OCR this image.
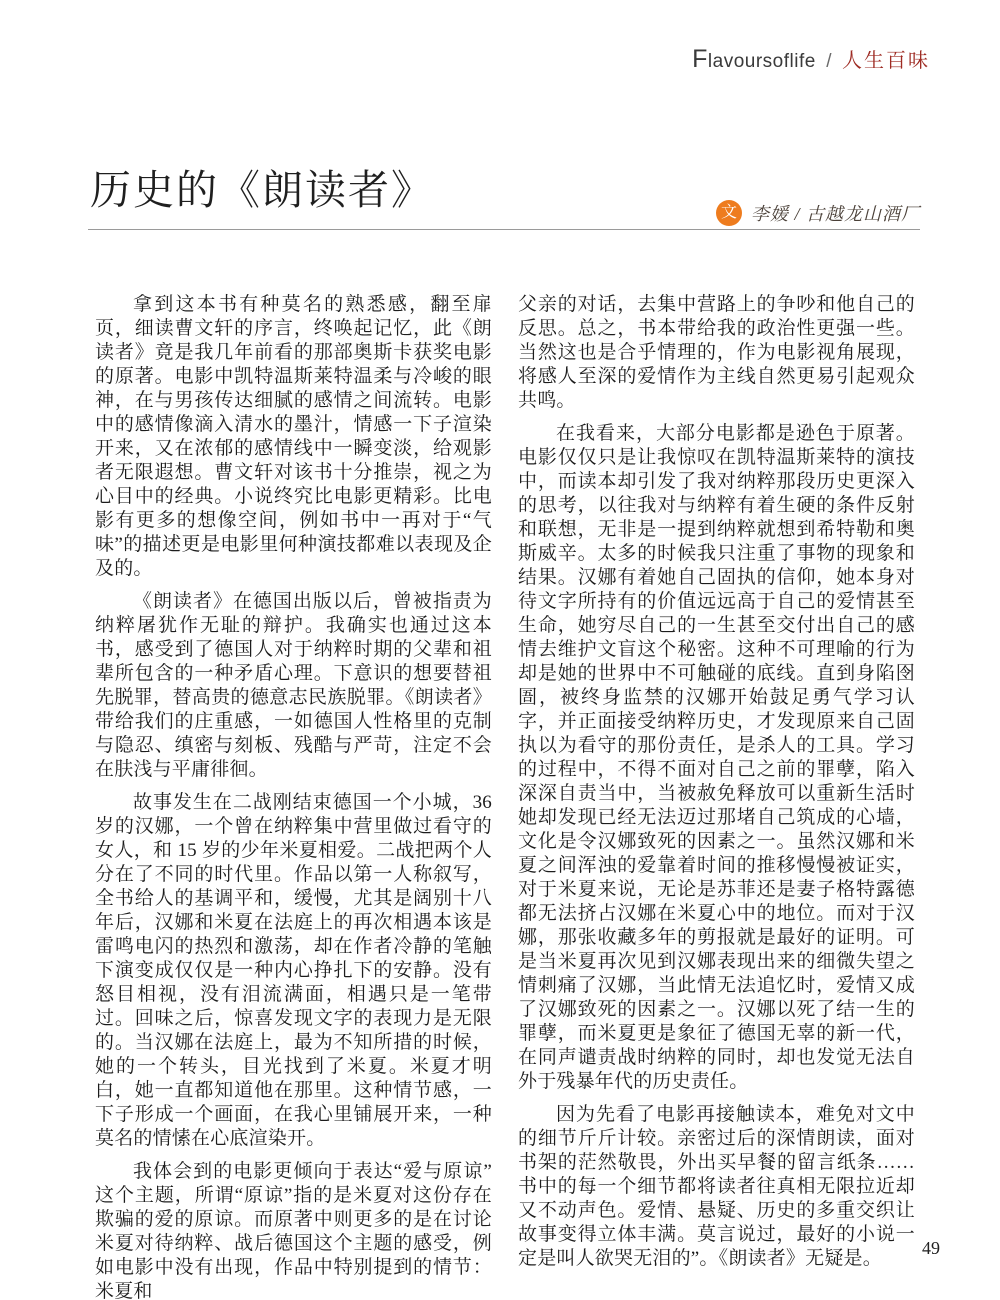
Flavoursoflife / 人生百味
历史的《朗读者》	文 李媛 / 古越龙山酒厂

拿到这本书有种莫名的熟悉感，翻至扉页，细读曹文轩的序言，终唤起记忆，此《朗读者》竟是我几年前看的那部奥斯卡获奖电影的原著。电影中凯特温斯莱特温柔与冷峻的眼神，在与男孩传达细腻的感情之间流转。电影中的感情像滴入清水的墨汁，情感一下子渲染开来，又在浓郁的感情线中一瞬变淡，给观影者无限遐想。曹文轩对该书十分推崇，视之为心目中的经典。小说终究比电影更精彩。比电影有更多的想像空间，例如书中一再对于“气味”的描述更是电影里何种演技都难以表现及企及的。

《朗读者》在德国出版以后，曾被指责为纳粹屠犹作无耻的辩护。我确实也通过这本书，感受到了德国人对于纳粹时期的父辈和祖辈所包含的一种矛盾心理。下意识的想要替祖先脱罪，替高贵的德意志民族脱罪。《朗读者》带给我们的庄重感，一如德国人性格里的克制与隐忍、缜密与刻板、残酷与严苛，注定不会在肤浅与平庸徘徊。

故事发生在二战刚结束德国一个小城，36 岁的汉娜，一个曾在纳粹集中营里做过看守的女人，和 15 岁的少年米夏相爱。二战把两个人分在了不同的时代里。作品以第一人称叙写，全书给人的基调平和，缓慢，尤其是阔别十八年后，汉娜和米夏在法庭上的再次相遇本该是雷鸣电闪的热烈和激荡，却在作者冷静的笔触下演变成仅仅是一种内心挣扎下的安静。没有怒目相视，没有泪流满面，相遇只是一笔带过。回味之后，惊喜发现文字的表现力是无限的。当汉娜在法庭上，最为不知所措的时候，她的一个转头，目光找到了米夏。米夏才明白，她一直都知道他在那里。这种情节感，一下子形成一个画面，在我心里铺展开来，一种莫名的情愫在心底渲染开。

我体会到的电影更倾向于表达“爱与原谅”这个主题，所谓“原谅”指的是米夏对这份存在欺骗的爱的原谅。而原著中则更多的是在讨论米夏对待纳粹、战后德国这个主题的感受，例如电影中没有出现，作品中特别提到的情节：米夏和

父亲的对话，去集中营路上的争吵和他自己的反思。总之，书本带给我的政治性更强一些。当然这也是合乎情理的，作为电影视角展现，将感人至深的爱情作为主线自然更易引起观众共鸣。

在我看来，大部分电影都是逊色于原著。电影仅仅只是让我惊叹在凯特温斯莱特的演技中，而读本却引发了我对纳粹那段历史更深入的思考，以往我对与纳粹有着生硬的条件反射和联想，无非是一提到纳粹就想到希特勒和奥斯威辛。太多的时候我只注重了事物的现象和结果。汉娜有着她自己固执的信仰，她本身对待文字所持有的价值远远高于自己的爱情甚至生命，她穷尽自己的一生甚至交付出自己的感情去维护文盲这个秘密。这种不可理喻的行为却是她的世界中不可触碰的底线。直到身陷囹圄，被终身监禁的汉娜开始鼓足勇气学习认字，并正面接受纳粹历史，才发现原来自己固执以为看守的那份责任，是杀人的工具。学习的过程中，不得不面对自己之前的罪孽，陷入深深自责当中，当被赦免释放可以重新生活时她却发现已经无法迈过那堵自己筑成的心墙，文化是令汉娜致死的因素之一。虽然汉娜和米夏之间浑浊的爱靠着时间的推移慢慢被证实，对于米夏来说，无论是苏菲还是妻子格特露德都无法挤占汉娜在米夏心中的地位。而对于汉娜，那张收藏多年的剪报就是最好的证明。可是当米夏再次见到汉娜表现出来的细微失望之情刺痛了汉娜，当此情无法追忆时，爱情又成了汉娜致死的因素之一。汉娜以死了结一生的罪孽，而米夏更是象征了德国无辜的新一代，在同声谴责战时纳粹的同时，却也发觉无法自外于残暴年代的历史责任。

因为先看了电影再接触读本，难免对文中的细节斤斤计较。亲密过后的深情朗读，面对书架的茫然敬畏，外出买早餐的留言纸条……书中的每一个细节都将读者往真相无限拉近却又不动声色。爱情、悬疑、历史的多重交织让故事变得立体丰满。莫言说过，最好的小说一定是叫人欲哭无泪的”。《朗读者》无疑是。	49
